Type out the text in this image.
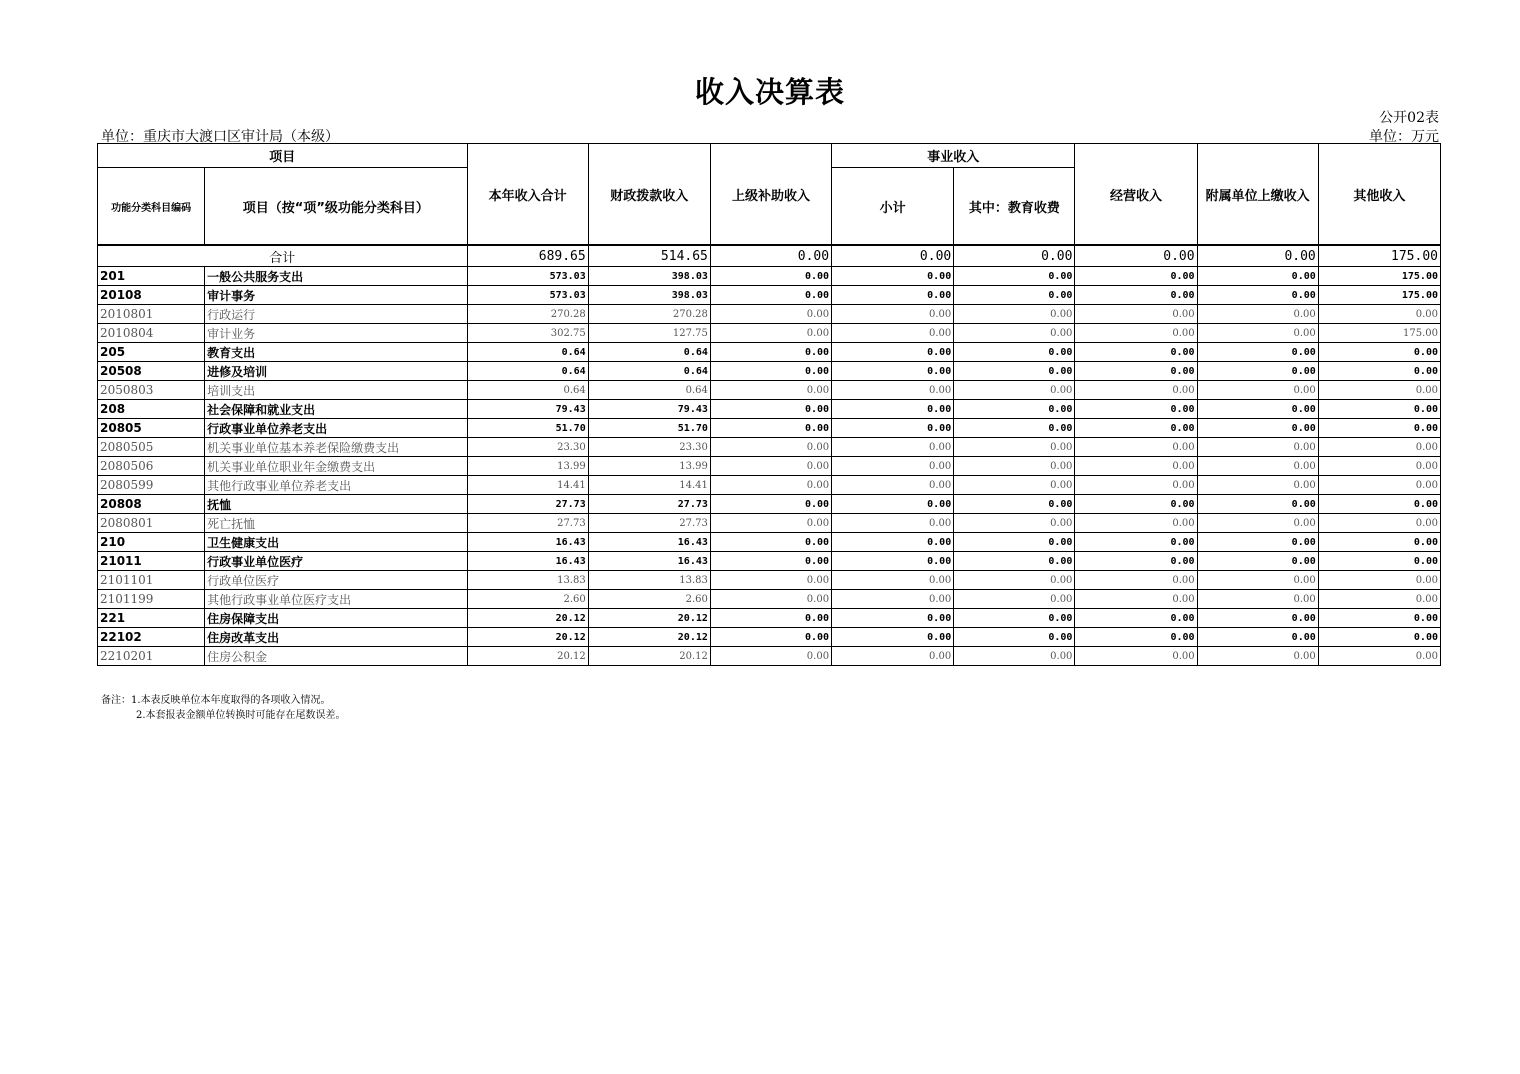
收入决算表
公开02表
单位：重庆市大渡口区审计局（本级）	单位：万元
项目		本年收入合计	财政拨款收入	上级补助收入	事业收入		经营收入	附属单位上缴收入	其他收入
功能分类科目编码	项目（按“项”级功能分类科目）				小计	其中：教育收费			
合计		689.65	514.65	0.00	0.00	0.00	0.00	0.00	175.00
201	一般公共服务支出	573.03	398.03	0.00	0.00	0.00	0.00	0.00	175.00
20108	审计事务	573.03	398.03	0.00	0.00	0.00	0.00	0.00	175.00
2010801	行政运行	270.28	270.28	0.00	0.00	0.00	0.00	0.00	0.00
2010804	审计业务	302.75	127.75	0.00	0.00	0.00	0.00	0.00	175.00
205	教育支出	0.64	0.64	0.00	0.00	0.00	0.00	0.00	0.00
20508	进修及培训	0.64	0.64	0.00	0.00	0.00	0.00	0.00	0.00
2050803	培训支出	0.64	0.64	0.00	0.00	0.00	0.00	0.00	0.00
208	社会保障和就业支出	79.43	79.43	0.00	0.00	0.00	0.00	0.00	0.00
20805	行政事业单位养老支出	51.70	51.70	0.00	0.00	0.00	0.00	0.00	0.00
2080505	机关事业单位基本养老保险缴费支出	23.30	23.30	0.00	0.00	0.00	0.00	0.00	0.00
2080506	机关事业单位职业年金缴费支出	13.99	13.99	0.00	0.00	0.00	0.00	0.00	0.00
2080599	其他行政事业单位养老支出	14.41	14.41	0.00	0.00	0.00	0.00	0.00	0.00
20808	抚恤	27.73	27.73	0.00	0.00	0.00	0.00	0.00	0.00
2080801	死亡抚恤	27.73	27.73	0.00	0.00	0.00	0.00	0.00	0.00
210	卫生健康支出	16.43	16.43	0.00	0.00	0.00	0.00	0.00	0.00
21011	行政事业单位医疗	16.43	16.43	0.00	0.00	0.00	0.00	0.00	0.00
2101101	行政单位医疗	13.83	13.83	0.00	0.00	0.00	0.00	0.00	0.00
2101199	其他行政事业单位医疗支出	2.60	2.60	0.00	0.00	0.00	0.00	0.00	0.00
221	住房保障支出	20.12	20.12	0.00	0.00	0.00	0.00	0.00	0.00
22102	住房改革支出	20.12	20.12	0.00	0.00	0.00	0.00	0.00	0.00
2210201	住房公积金	20.12	20.12	0.00	0.00	0.00	0.00	0.00	0.00
备注：1.本表反映单位本年度取得的各项收入情况。
2.本套报表金额单位转换时可能存在尾数误差。
